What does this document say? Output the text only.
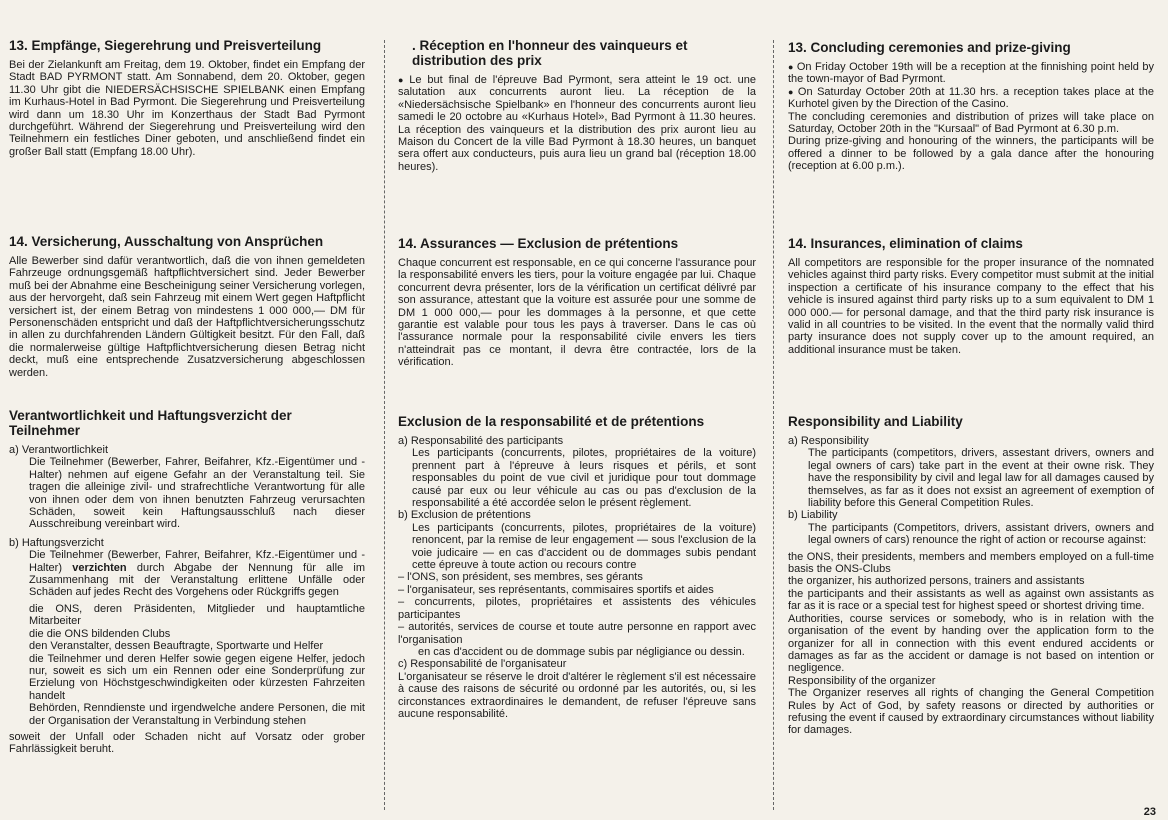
13. Empfänge, Siegerehrung und Preisverteilung

Bei der Zielankunft am Freitag, dem 19. Oktober, findet ein Empfang der Stadt BAD PYRMONT statt. Am Sonnabend, dem 20. Oktober, gegen 11.30 Uhr gibt die NIEDERSÄCHSISCHE SPIELBANK einen Empfang im Kurhaus-Hotel in Bad Pyrmont. Die Siegerehrung und Preisverteilung wird dann um 18.30 Uhr im Konzerthaus der Stadt Bad Pyrmont durchgeführt. Während der Siegerehrung und Preisverteilung wird den Teilnehmern ein festliches Diner geboten, und anschließend findet ein großer Ball statt (Empfang 18.00 Uhr).

14. Versicherung, Ausschaltung von Ansprüchen

Alle Bewerber sind dafür verantwortlich, daß die von ihnen gemeldeten Fahrzeuge ordnungsgemäß haftpflichtversichert sind. Jeder Bewerber muß bei der Abnahme eine Bescheinigung seiner Versicherung vorlegen, aus der hervorgeht, daß sein Fahrzeug mit einem Wert gegen Haftpflicht versichert ist, der einem Betrag von mindestens 1 000 000,— DM für Personenschäden entspricht und daß der Haftpflichtversicherungsschutz in allen zu durchfahrenden Ländern Gültigkeit besitzt. Für den Fall, daß die normalerweise gültige Haftpflichtversicherung diesen Betrag nicht deckt, muß eine entsprechende Zusatzversicherung abgeschlossen werden.

Verantwortlichkeit und Haftungsverzicht der Teilnehmer
a) Verantwortlichkeit

Die Teilnehmer (Bewerber, Fahrer, Beifahrer, Kfz.-Eigentümer und -Halter) nehmen auf eigene Gefahr an der Veranstaltung teil. Sie tragen die alleinige zivil- und strafrechtliche Verantwortung für alle von ihnen oder dem von ihnen benutzten Fahrzeug verursachten Schäden, soweit kein Haftungsausschluß nach dieser Ausschreibung vereinbart wird.

b) Haftungsverzicht

Die Teilnehmer (Bewerber, Fahrer, Beifahrer, Kfz.-Eigentümer und -Halter) verzichten durch Abgabe der Nennung für alle im Zusammenhang mit der Veranstaltung erlittene Unfälle oder Schäden auf jedes Recht des Vorgehens oder Rückgriffs gegen

die ONS, deren Präsidenten, Mitglieder und hauptamtliche Mitarbeiter

die die ONS bildenden Clubs

den Veranstalter, dessen Beauftragte, Sportwarte und Helfer

die Teilnehmer und deren Helfer sowie gegen eigene Helfer, jedoch nur, soweit es sich um ein Rennen oder eine Sonderprüfung zur Erzielung von Höchstgeschwindigkeiten oder kürzesten Fahrzeiten handelt

Behörden, Renndienste und irgendwelche andere Personen, die mit der Organisation der Veranstaltung in Verbindung stehen

soweit der Unfall oder Schaden nicht auf Vorsatz oder grober Fahrlässigkeit beruht.

. Réception en l'honneur des vainqueurs et distribution des prix

● Le but final de l'épreuve Bad Pyrmont, sera atteint le 19 oct. une salutation aux concurrents auront lieu. La réception de la «Niedersächsische Spielbank» en l'honneur des concurrents auront lieu samedi le 20 octobre au «Kurhaus Hotel», Bad Pyrmont à 11.30 heures. La réception des vainqueurs et la distribution des prix auront lieu au Maison du Concert de la ville Bad Pyrmont à 18.30 heures, un banquet sera offert aux conducteurs, puis aura lieu un grand bal (réception 18.00 heures).

14. Assurances — Exclusion de prétentions

Chaque concurrent est responsable, en ce qui concerne l'assurance pour la responsabilité envers les tiers, pour la voiture engagée par lui. Chaque concurrent devra présenter, lors de la vérification un certificat délivré par son assurance, attestant que la voiture est assurée pour une somme de DM 1 000 000,— pour les dommages à la personne, et que cette garantie est valable pour tous les pays à traverser. Dans le cas où l'assurance normale pour la responsabilité civile envers les tiers n'atteindrait pas ce montant, il devra être contractée, lors de la vérification.

Exclusion de la responsabilité et de prétentions
a) Responsabilité des participants

Les participants (concurrents, pilotes, propriétaires de la voiture) prennent part à l'épreuve à leurs risques et périls, et sont responsables du point de vue civil et juridique pour tout dommage causé par eux ou leur véhicule au cas ou pas d'exclusion de la responsabilité a été accordée selon le présent règlement.

b) Exclusion de prétentions

Les participants (concurrents, pilotes, propriétaires de la voiture) renoncent, par la remise de leur engagement — sous l'exclusion de la voie judicaire — en cas d'accident ou de dommages subis pendant cette épreuve à toute action ou recours contre

– l'ONS, son président, ses membres, ses gérants

– l'organisateur, ses représentants, commisaires sportifs et aides

– concurrents, pilotes, propriétaires et assistents des véhicules participantes

– autorités, services de course et toute autre personne en rapport avec l'organisation

en cas d'accident ou de dommage subis par négligiance ou dessin.

c) Responsabilité de l'organisateur

L'organisateur se réserve le droit d'altérer le règlement s'il est nécessaire à cause des raisons de sécurité ou ordonné par les autorités, ou, si les circonstances extraordinaires le demandent, de refuser l'épreuve sans aucune responsabilité.

13. Concluding ceremonies and prize-giving

● On Friday October 19th will be a reception at the finnishing point held by the town-mayor of Bad Pyrmont.

● On Saturday October 20th at 11.30 hrs. a reception takes place at the Kurhotel given by the Direction of the Casino.

The concluding ceremonies and distribution of prizes will take place on Saturday, October 20th in the "Kursaal" of Bad Pyrmont at 6.30 p.m.

During prize-giving and honouring of the winners, the participants will be offered a dinner to be followed by a gala dance after the honouring (reception at 6.00 p.m.).

14. Insurances, elimination of claims

All competitors are responsible for the proper insurance of the nomnated vehicles against third party risks. Every competitor must submit at the initial inspection a certificate of his insurance company to the effect that his vehicle is insured against third party risks up to a sum equivalent to DM 1 000 000.— for personal damage, and that the third party risk insurance is valid in all countries to be visited. In the event that the normally valid third party insurance does not supply cover up to the amount required, an additional insurance must be taken.

Responsibility and Liability
a) Responsibility

The participants (competitors, drivers, assestant drivers, owners and legal owners of cars) take part in the event at their owne risk. They have the responsibility by civil and legal law for all damages caused by themselves, as far as it does not exsist an agreement of exemption of liability before this General Competition Rules.

b) Liability

The participants (Competitors, drivers, assistant drivers, owners and legal owners of cars) renounce the right of action or recourse against:

the ONS, their presidents, members and members employed on a full-time basis the ONS-Clubs

the organizer, his authorized persons, trainers and assistants

the participants and their assistants as well as against own assistants as far as it is race or a special test for highest speed or shortest driving time.

Authorities, course services or somebody, who is in relation with the organisation of the event by handing over the application form to the organizer for all in connection with this event endured accidents or damages as far as the accident or damage is not based on intention or negligence.

Responsibility of the organizer

The Organizer reserves all rights of changing the General Competition Rules by Act of God, by safety reasons or directed by authorities or refusing the event if caused by extraordinary circumstances without liability for damages.

23
